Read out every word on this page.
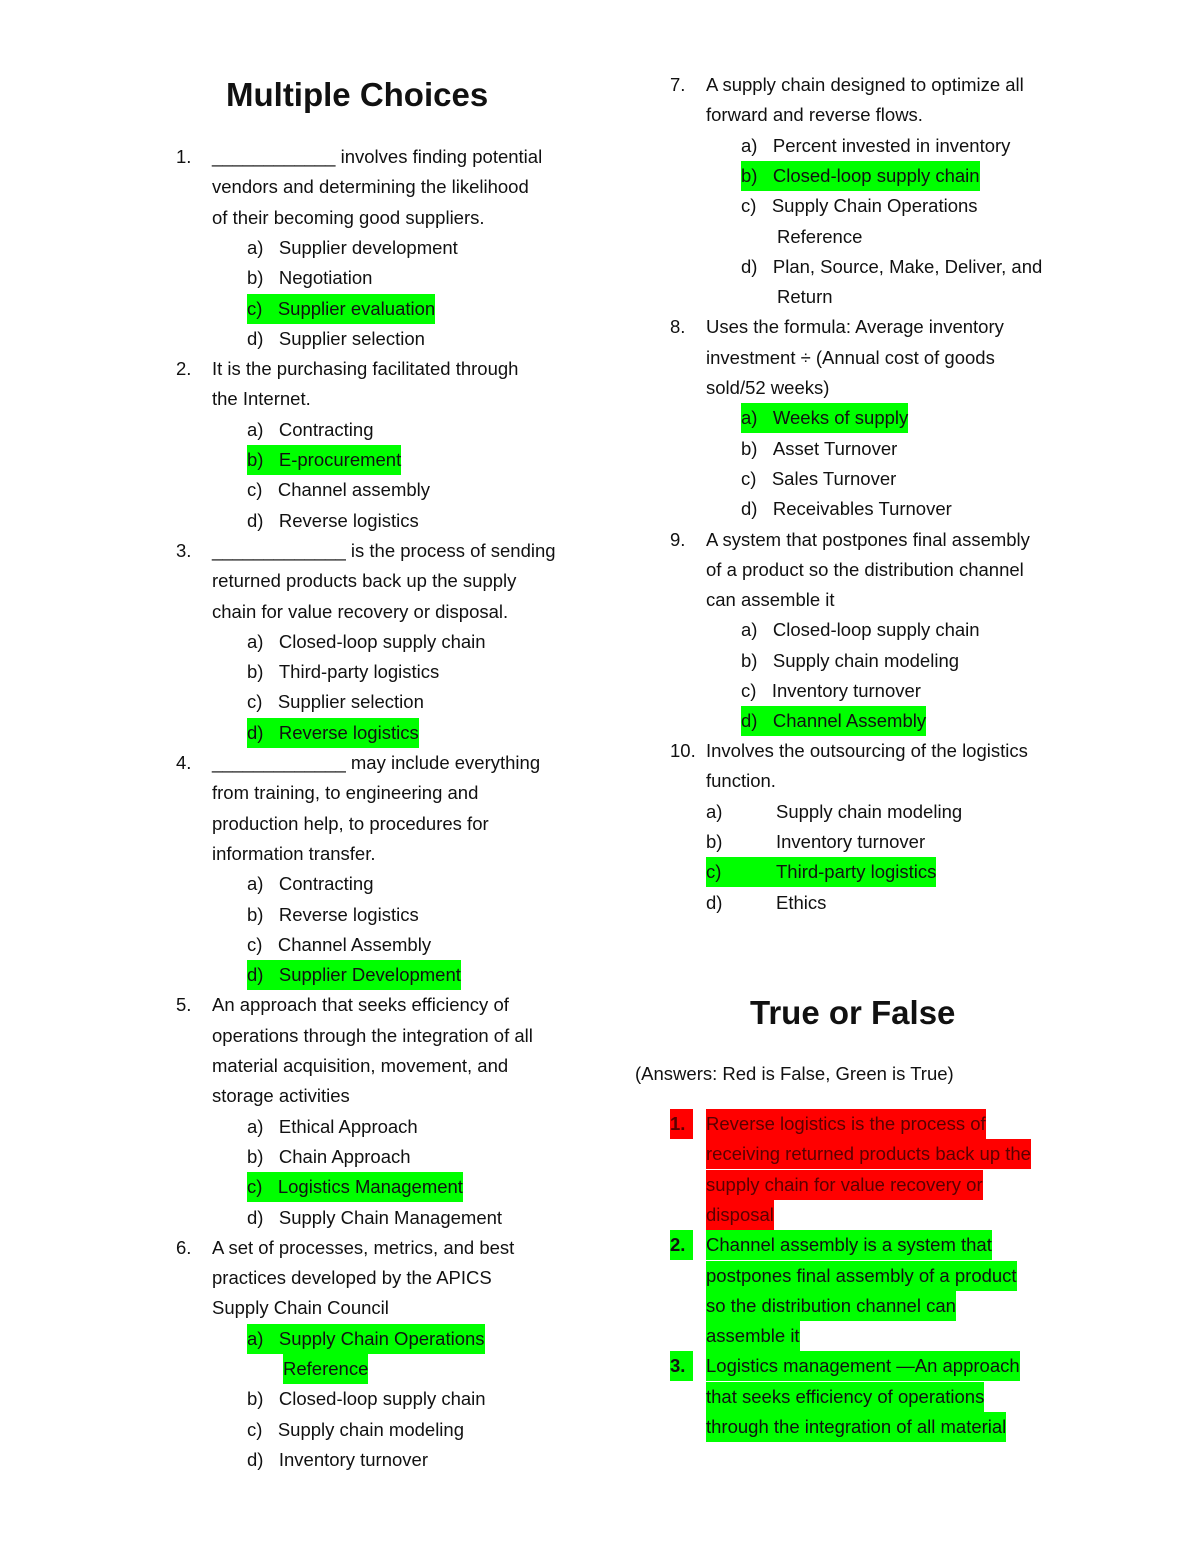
Multiple Choices
1. ____________ involves finding potential
vendors and determining the likelihood
of their becoming good suppliers.
a) Supplier development
b) Negotiation
c) Supplier evaluation
d) Supplier selection
2. It is the purchasing facilitated through
the Internet.
a) Contracting
b) E-procurement
c) Channel assembly
d) Reverse logistics
3. _____________ is the process of sending
returned products back up the supply
chain for value recovery or disposal.
a) Closed-loop supply chain
b) Third-party logistics
c) Supplier selection
d) Reverse logistics
4. _____________ may include everything
from training, to engineering and
production help, to procedures for
information transfer.
a) Contracting
b) Reverse logistics
c) Channel Assembly
d) Supplier Development
5. An approach that seeks efficiency of
operations through the integration of all
material acquisition, movement, and
storage activities
a) Ethical Approach
b) Chain Approach
c) Logistics Management
d) Supply Chain Management
6. A set of processes, metrics, and best
practices developed by the APICS
Supply Chain Council
a) Supply Chain Operations
Reference
b) Closed-loop supply chain
c) Supply chain modeling
d) Inventory turnover
7. A supply chain designed to optimize all
forward and reverse flows.
a) Percent invested in inventory
b) Closed-loop supply chain
c) Supply Chain Operations
Reference
d) Plan, Source, Make, Deliver, and
Return
8. Uses the formula: Average inventory
investment ÷ (Annual cost of goods
sold/52 weeks)
a) Weeks of supply
b) Asset Turnover
c) Sales Turnover
d) Receivables Turnover
9. A system that postpones final assembly
of a product so the distribution channel
can assemble it
a) Closed-loop supply chain
b) Supply chain modeling
c) Inventory turnover
d) Channel Assembly
10. Involves the outsourcing of the logistics
function.
a)	Supply chain modeling
b)	Inventory turnover
c)	Third-party logistics
d)	Ethics
True or False
(Answers: Red is False, Green is True)
1.	Reverse logistics is the process of
receiving returned products back up the
supply chain for value recovery or
disposal
2.	Channel assembly is a system that
postpones final assembly of a product
so the distribution channel can
assemble it
3.	Logistics management —An approach
that seeks efficiency of operations
through the integration of all material
